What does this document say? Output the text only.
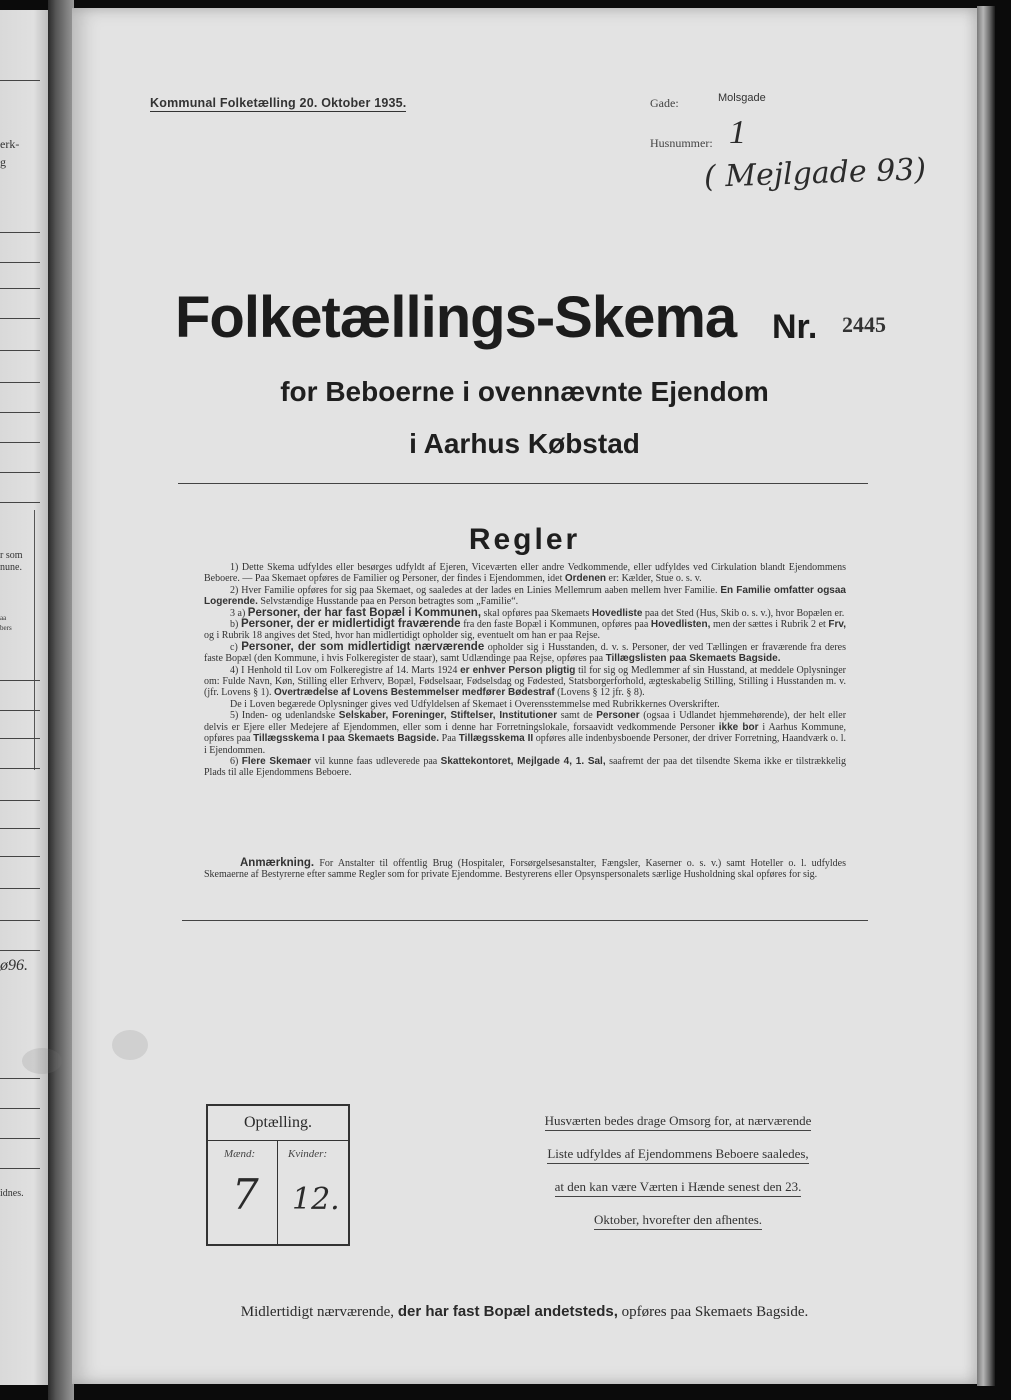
erk-
g
r som
nune.
aa
bers
ø96.
idnes.
Kommunal Folketælling 20. Oktober 1935.	Gade:	Molsgade
Husnummer: 1
( Mejlgade 93)
Folketællings-Skema Nr. 2445
for Beboerne i ovennævnte Ejendom
i Aarhus Købstad
Regler

1) Dette Skema udfyldes eller besørges udfyldt af Ejeren, Viceværten eller andre Vedkommende, eller udfyldes ved Cirkulation blandt Ejendommens Beboere. — Paa Skemaet opføres de Familier og Personer, der findes i Ejendommen, idet Ordenen er: Kælder, Stue o. s. v.

2) Hver Familie opføres for sig paa Skemaet, og saaledes at der lades en Linies Mellemrum aaben mellem hver Familie. En Familie omfatter ogsaa Logerende. Selvstændige Husstande paa en Person betragtes som „Familie“.

3 a) Personer, der har fast Bopæl i Kommunen, skal opføres paa Skemaets Hovedliste paa det Sted (Hus, Skib o. s. v.), hvor Bopælen er.

b) Personer, der er midlertidigt fraværende fra den faste Bopæl i Kommunen, opføres paa Hovedlisten, men der sættes i Rubrik 2 et Frv, og i Rubrik 18 angives det Sted, hvor han midlertidigt opholder sig, eventuelt om han er paa Rejse.

c) Personer, der som midlertidigt nærværende opholder sig i Husstanden, d. v. s. Personer, der ved Tællingen er fraværende fra deres faste Bopæl (den Kommune, i hvis Folkeregister de staar), samt Udlændinge paa Rejse, opføres paa Tillægslisten paa Skemaets Bagside.

4) I Henhold til Lov om Folkeregistre af 14. Marts 1924 er enhver Person pligtig til for sig og Medlemmer af sin Husstand, at meddele Oplysninger om: Fulde Navn, Køn, Stilling eller Erhverv, Bopæl, Fødselsaar, Fødselsdag og Fødested, Statsborgerforhold, ægteskabelig Stilling, Stilling i Husstanden m. v. (jfr. Lovens § 1). Overtrædelse af Lovens Bestemmelser medfører Bødestraf (Lovens § 12 jfr. § 8).

De i Loven begærede Oplysninger gives ved Udfyldelsen af Skemaet i Overensstemmelse med Rubrikkernes Overskrifter.

5) Inden- og udenlandske Selskaber, Foreninger, Stiftelser, Institutioner samt de Personer (ogsaa i Udlandet hjemmehørende), der helt eller delvis er Ejere eller Medejere af Ejendommen, eller som i denne har Forretningslokale, forsaavidt vedkommende Personer ikke bor i Aarhus Kommune, opføres paa Tillægsskema I paa Skemaets Bagside. Paa Tillægsskema II opføres alle indenbysboende Personer, der driver Forretning, Haandværk o. l. i Ejendommen.

6) Flere Skemaer vil kunne faas udleverede paa Skattekontoret, Mejlgade 4, 1. Sal, saafremt der paa det tilsendte Skema ikke er tilstrækkelig Plads til alle Ejendommens Beboere.

Anmærkning. For Anstalter til offentlig Brug (Hospitaler, Forsørgelsesanstalter, Fængsler, Kaserner o. s. v.) samt Hoteller o. l. udfyldes Skemaerne af Bestyrerne efter samme Regler som for private Ejendomme. Bestyrerens eller Opsynspersonalets særlige Husholdning skal opføres for sig.
Optælling.
Mænd:	Kvinder:
7 12.
Husværten bedes drage Omsorg for, at nærværende
Liste udfyldes af Ejendommens Beboere saaledes,
at den kan være Værten i Hænde senest den 23.
Oktober, hvorefter den afhentes.
Midlertidigt nærværende, der har fast Bopæl andetsteds, opføres paa Skemaets Bagside.
